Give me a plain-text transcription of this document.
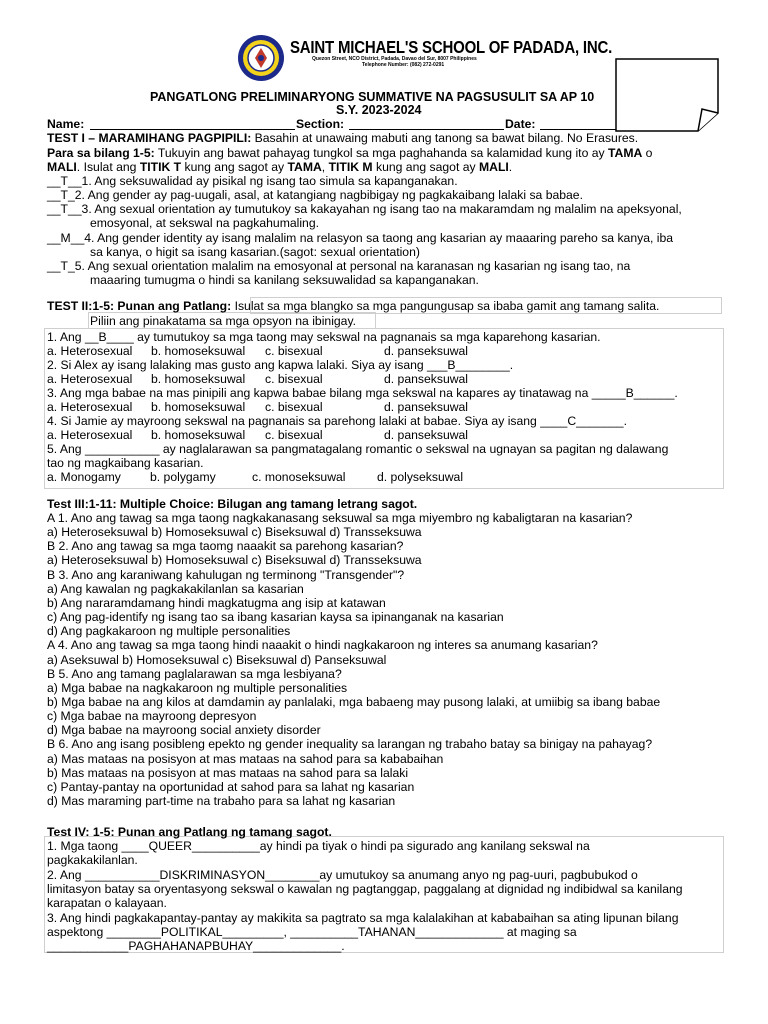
SAINT MICHAEL'S SCHOOL OF PADADA, INC.
Quezon Street, NCO District, Padada, Davao del Sur, 8007 Philippines
Telephone Number: (082) 272-0291
PANGATLONG PRELIMINARYONG SUMMATIVE NA PAGSUSULIT SA AP 10
S.Y. 2023-2024
Name:	Section:	Date:
TEST I – MARAMIHANG PAGPIPILI: Basahin at unawaing mabuti ang tanong sa bawat bilang. No Erasures.
Para sa bilang 1-5: Tukuyin ang bawat pahayag tungkol sa mga paghahanda sa kalamidad kung ito ay TAMA o
MALI. Isulat ang TITIK T kung ang sagot ay TAMA, TITIK M kung ang sagot ay MALI.
__T__1. Ang seksuwalidad ay pisikal ng isang tao simula sa kapanganakan.
__T_2. Ang gender ay pag-uugali, asal, at katangiang nagbibigay ng pagkakaibang lalaki sa babae.
__T__3. Ang sexual orientation ay tumutukoy sa kakayahan ng isang tao na makaramdam ng malalim na apeksyonal,
emosyonal, at sekswal na pagkahumaling.
__M__4. Ang gender identity ay isang malalim na relasyon sa taong ang kasarian ay maaaring pareho sa kanya, iba
sa kanya, o higit sa isang kasarian.(sagot: sexual orientation)
__T_5. Ang sexual orientation malalim na emosyonal at personal na karanasan ng kasarian ng isang tao, na
maaaring tumugma o hindi sa kanilang seksuwalidad sa kapanganakan.
TEST II:1-5: Punan ang Patlang: Isulat sa mga blangko sa mga pangungusap sa ibaba gamit ang tamang salita.
Piliin ang pinakatama sa mga opsyon na ibinigay.
1. Ang __B____ ay tumutukoy sa mga taong may sekswal na pagnanais sa mga kaparehong kasarian.
a. Heterosexual b. homoseksuwal c. bisexual	d. panseksuwal
2. Si Alex ay isang lalaking mas gusto ang kapwa lalaki. Siya ay isang ___B________.
a. Heterosexual b. homoseksuwal c. bisexual	d. panseksuwal
3. Ang mga babae na mas pinipili ang kapwa babae bilang mga sekswal na kapares ay tinatawag na _____B______.
a. Heterosexual b. homoseksuwal c. bisexual	d. panseksuwal
4. Si Jamie ay mayroong sekswal na pagnanais sa parehong lalaki at babae. Siya ay isang ____C_______.
a. Heterosexual b. homoseksuwal c. bisexual	d. panseksuwal
5. Ang ___________ ay naglalarawan sa pangmatagalang romantic o sekswal na ugnayan sa pagitan ng dalawang
tao ng magkaibang kasarian.
a. Monogamy b. polygamy	c. monoseksuwal	d. polyseksuwal
Test III:1-11: Multiple Choice: Bilugan ang tamang letrang sagot.
A 1. Ano ang tawag sa mga taong nagkakanasang seksuwal sa mga miyembro ng kabaligtaran na kasarian?
a) Heteroseksuwal b) Homoseksuwal c) Biseksuwal d) Transseksuwa
B 2. Ano ang tawag sa mga taomg naaakit sa parehong kasarian?
a) Heteroseksuwal b) Homoseksuwal c) Biseksuwal d) Transseksuwa
B 3. Ano ang karaniwang kahulugan ng terminong "Transgender"?
a) Ang kawalan ng pagkakakilanlan sa kasarian
b) Ang nararamdamang hindi magkatugma ang isip at katawan
c) Ang pag-identify ng isang tao sa ibang kasarian kaysa sa ipinanganak na kasarian
d) Ang pagkakaroon ng multiple personalities
A 4. Ano ang tawag sa mga taong hindi naaakit o hindi nagkakaroon ng interes sa anumang kasarian?
a) Aseksuwal b) Homoseksuwal c) Biseksuwal d) Panseksuwal
B 5. Ano ang tamang paglalarawan sa mga lesbiyana?
a) Mga babae na nagkakaroon ng multiple personalities
b) Mga babae na ang kilos at damdamin ay panlalaki, mga babaeng may pusong lalaki, at umiibig sa ibang babae
c) Mga babae na mayroong depresyon
d) Mga babae na mayroong social anxiety disorder
B 6. Ano ang isang posibleng epekto ng gender inequality sa larangan ng trabaho batay sa binigay na pahayag?
a) Mas mataas na posisyon at mas mataas na sahod para sa kababaihan
b) Mas mataas na posisyon at mas mataas na sahod para sa lalaki
c) Pantay-pantay na oportunidad at sahod para sa lahat ng kasarian
d) Mas maraming part-time na trabaho para sa lahat ng kasarian
Test IV: 1-5: Punan ang Patlang ng tamang sagot.
1. Mga taong ____QUEER__________ay hindi pa tiyak o hindi pa sigurado ang kanilang sekswal na
pagkakakilanlan.
2. Ang ___________DISKRIMINASYON________ay umutukoy sa anumang anyo ng pag-uuri, pagbubukod o
limitasyon batay sa oryentasyong sekswal o kawalan ng pagtanggap, paggalang at dignidad ng indibidwal sa kanilang
karapatan o kalayaan.
3. Ang hindi pagkakapantay-pantay ay makikita sa pagtrato sa mga kalalakihan at kababaihan sa ating lipunan bilang
aspektong ________POLITIKAL_________, __________TAHANAN_____________ at maging sa
____________PAGHAHANAPBUHAY_____________.
